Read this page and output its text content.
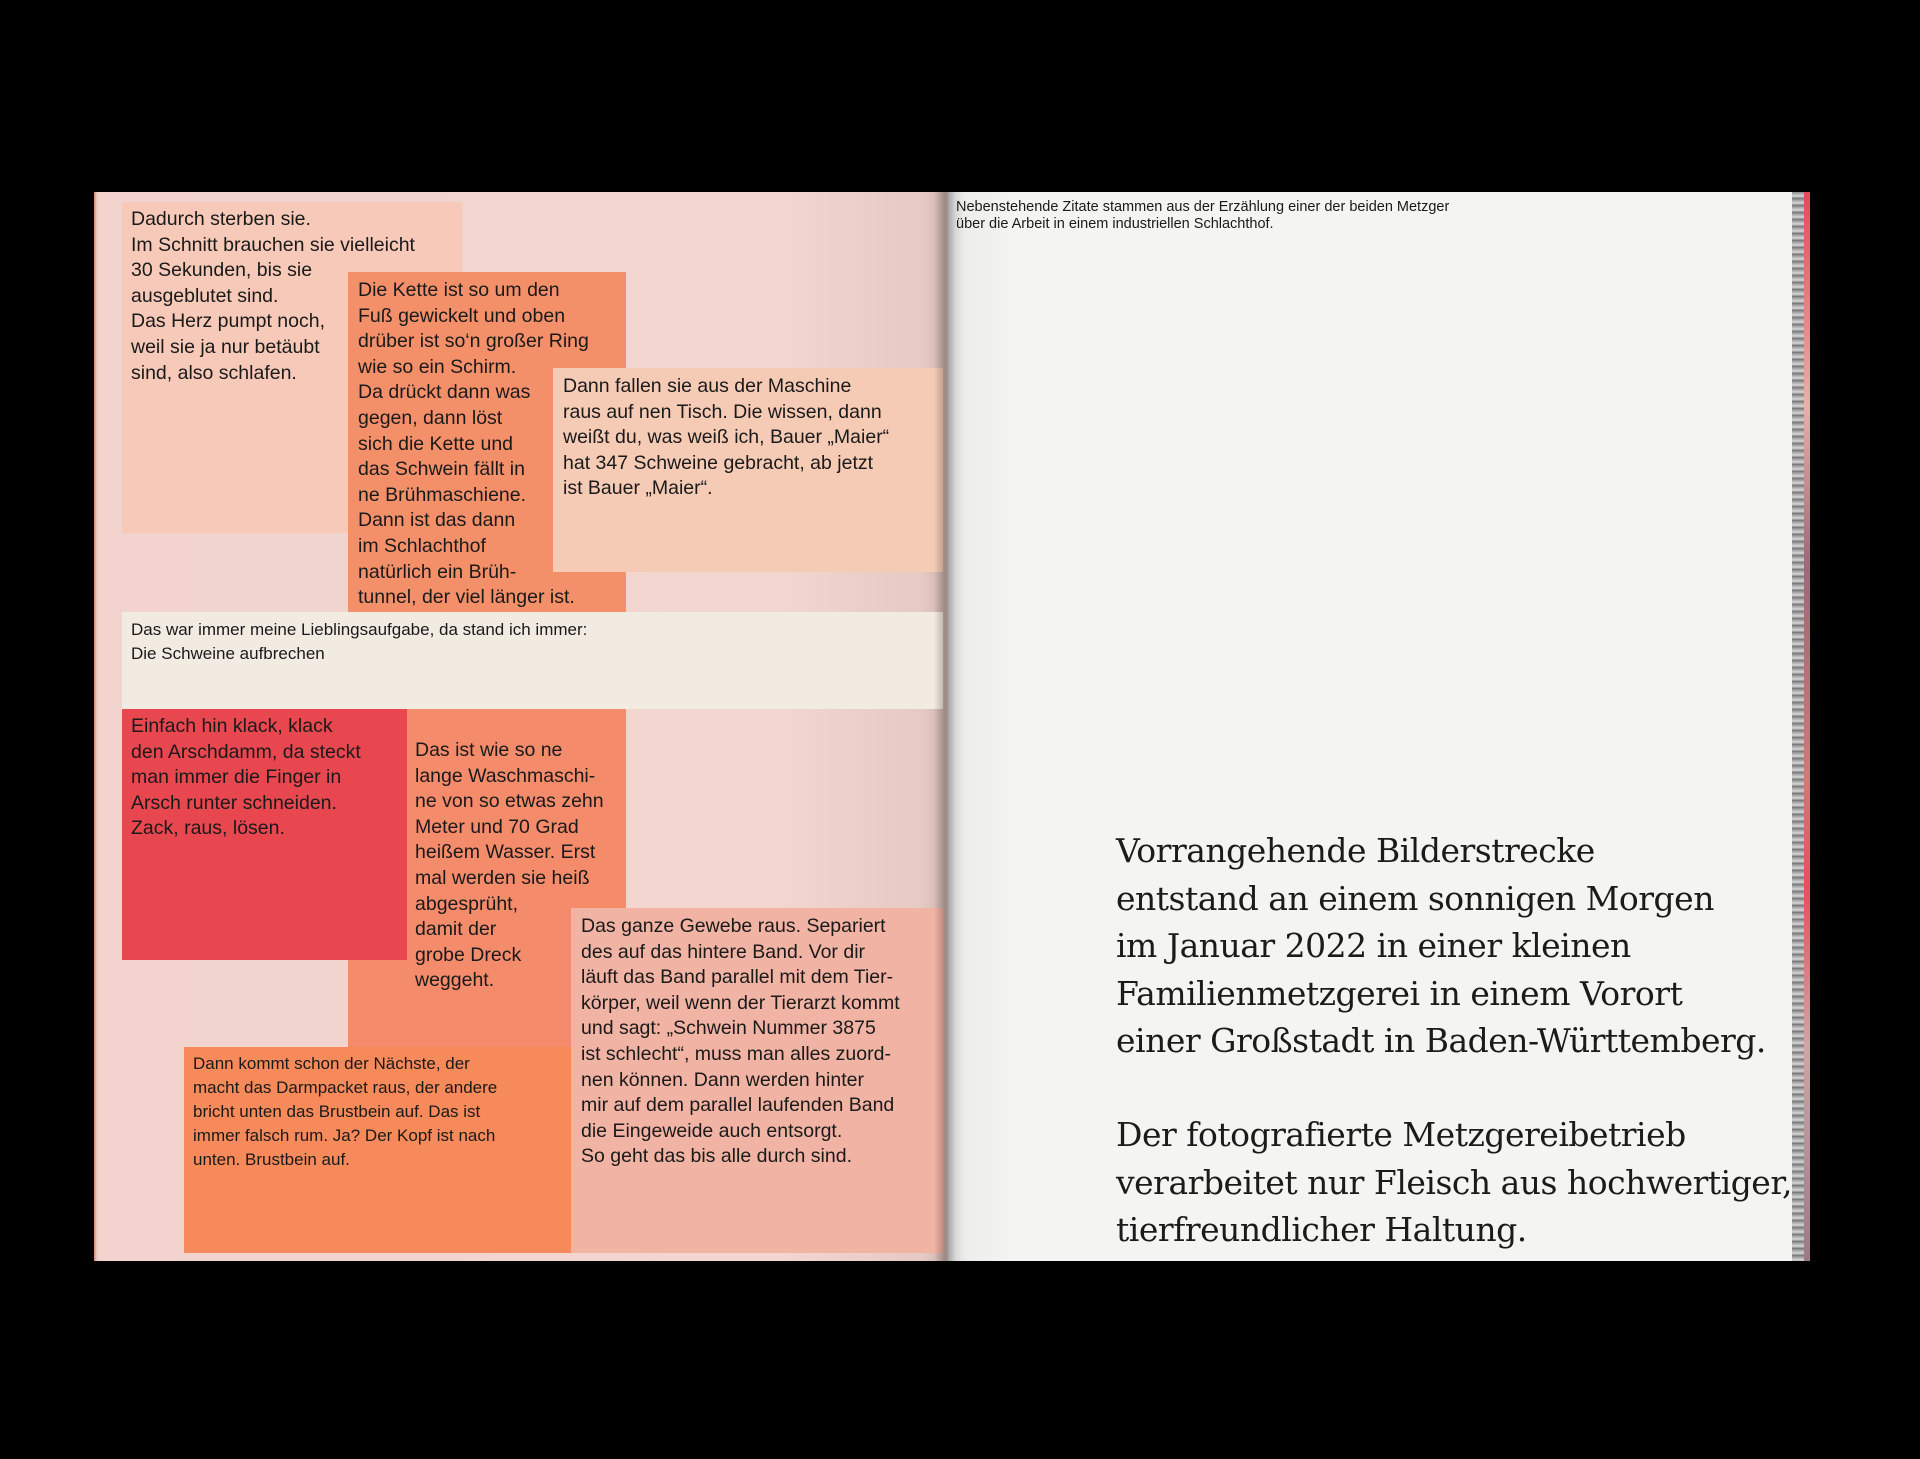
Dadurch sterben sie.
Im Schnitt brauchen sie vielleicht
30 Sekunden, bis sie
ausgeblutet sind.
Das Herz pumpt noch,
weil sie ja nur betäubt
sind, also schlafen.
Die Kette ist so um den
Fuß gewickelt und oben
drüber ist so‘n großer Ring
wie so ein Schirm.
Da drückt dann was
gegen, dann löst
sich die Kette und
das Schwein fällt in
ne Brühmaschiene.
Dann ist das dann
im Schlachthof
natürlich ein Brüh-
tunnel, der viel länger ist.
Dann fallen sie aus der Maschine
raus auf nen Tisch. Die wissen, dann
weißt du, was weiß ich, Bauer „Maier“
hat 347 Schweine gebracht, ab jetzt
ist Bauer „Maier“.
Das war immer meine Lieblingsaufgabe, da stand ich immer:
Die Schweine aufbrechen
Einfach hin klack, klack
den Arschdamm, da steckt
man immer die Finger in
Arsch runter schneiden.
Zack, raus, lösen.
Das ist wie so ne
lange Waschmaschi-
ne von so etwas zehn
Meter und 70 Grad
heißem Wasser. Erst
mal werden sie heiß
abgesprüht,
damit der
grobe Dreck
weggeht.
Das ganze Gewebe raus. Separiert
des auf das hintere Band. Vor dir
läuft das Band parallel mit dem Tier-
körper, weil wenn der Tierarzt kommt
und sagt: „Schwein Nummer 3875
ist schlecht“, muss man alles zuord-
nen können. Dann werden hinter
mir auf dem parallel laufenden Band
die Eingeweide auch entsorgt.
So geht das bis alle durch sind.
Dann kommt schon der Nächste, der
macht das Darmpacket raus, der andere
bricht unten das Brustbein auf. Das ist
immer falsch rum. Ja? Der Kopf ist nach
unten. Brustbein auf.
Nebenstehende Zitate stammen aus der Erzählung einer der beiden Metzger
über die Arbeit in einem industriellen Schlachthof.
Vorrangehende Bilderstrecke
entstand an einem sonnigen Morgen
im Januar 2022 in einer kleinen
Familienmetzgerei in einem Vorort
einer Großstadt in Baden-Württemberg.
Der fotografierte Metzgereibetrieb
verarbeitet nur Fleisch aus hochwertiger,
tierfreundlicher Haltung.
